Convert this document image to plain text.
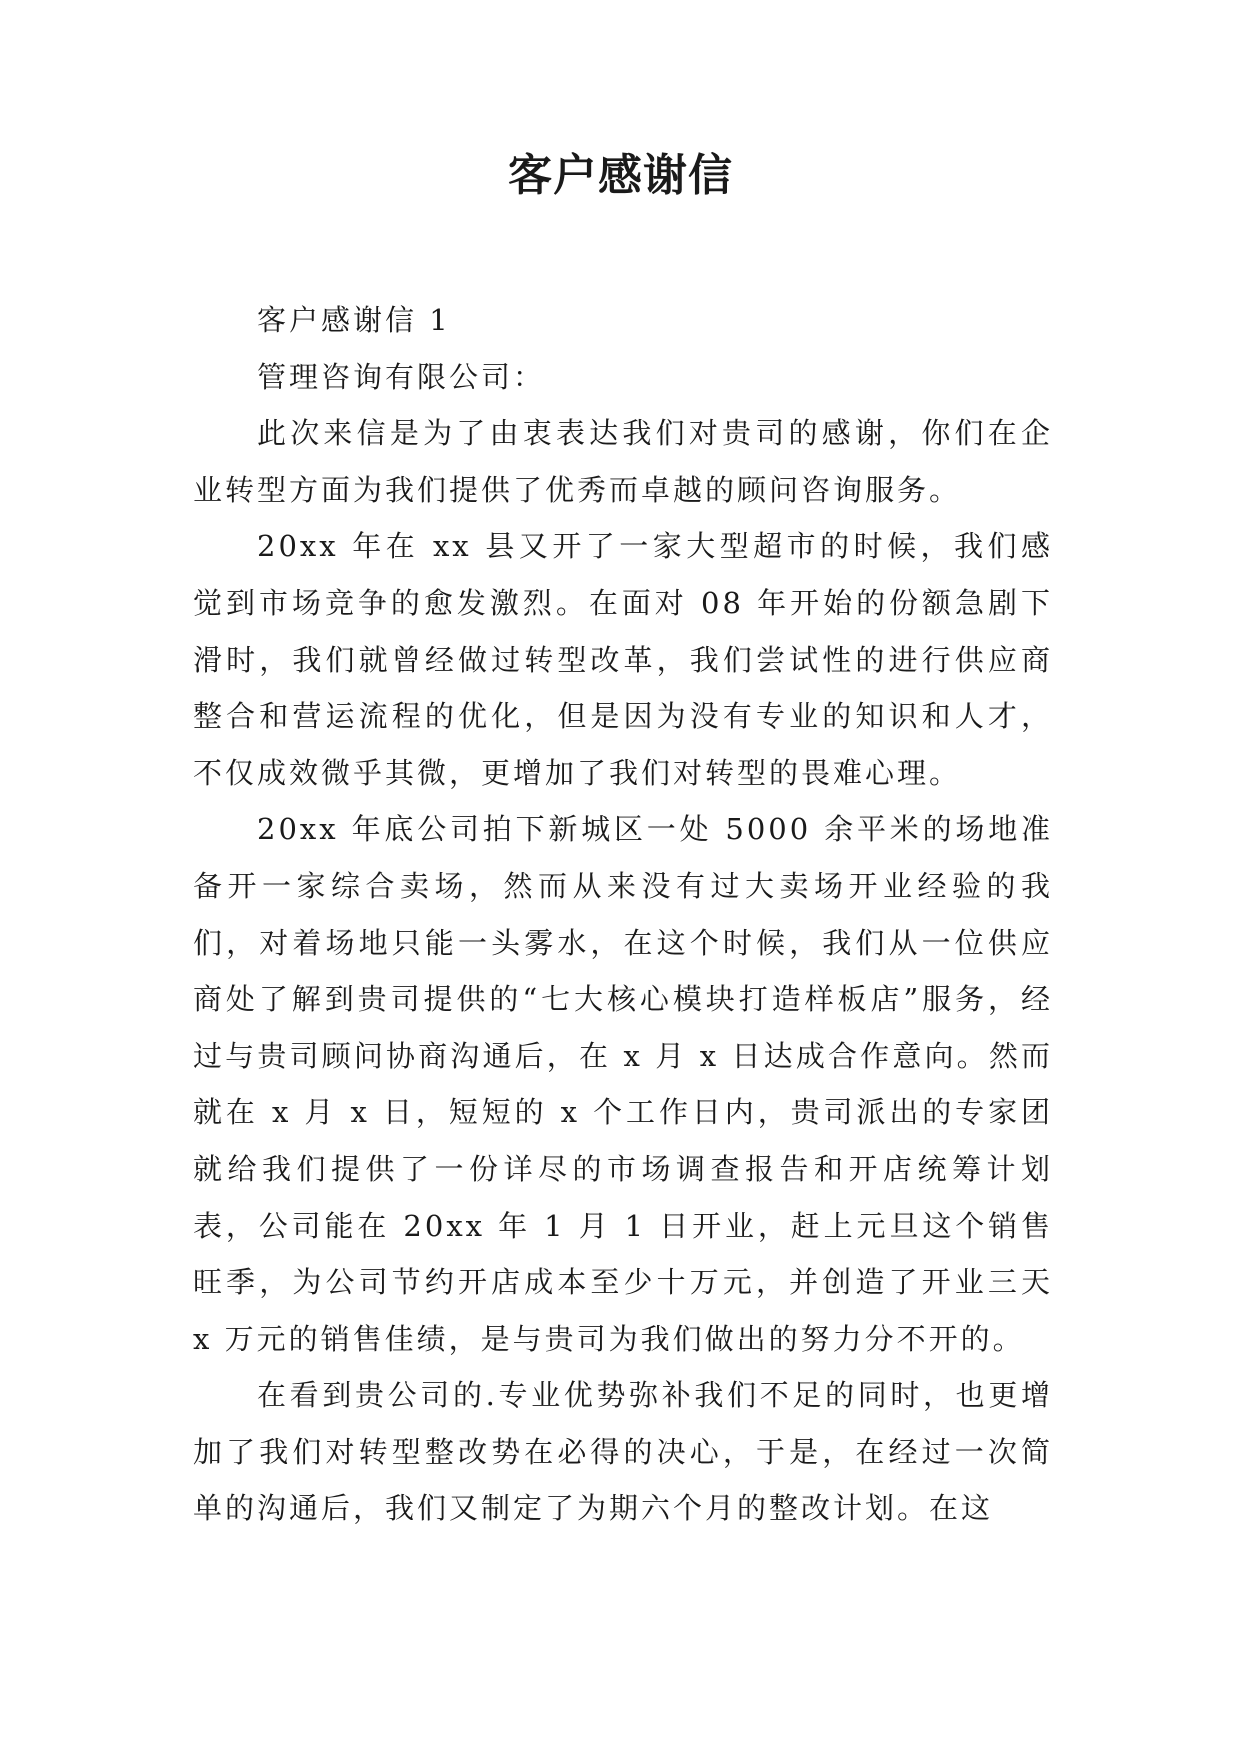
客户感谢信

客户感谢信 1

管理咨询有限公司：

此次来信是为了由衷表达我们对贵司的感谢，你们在企业转型方面为我们提供了优秀而卓越的顾问咨询服务。

20xx 年在 xx 县又开了一家大型超市的时候，我们感觉到市场竞争的愈发激烈。在面对 08 年开始的份额急剧下滑时，我们就曾经做过转型改革，我们尝试性的进行供应商整合和营运流程的优化，但是因为没有专业的知识和人才，不仅成效微乎其微，更增加了我们对转型的畏难心理。

20xx 年底公司拍下新城区一处 5000 余平米的场地准备开一家综合卖场，然而从来没有过大卖场开业经验的我们，对着场地只能一头雾水，在这个时候，我们从一位供应商处了解到贵司提供的“七大核心模块打造样板店”服务，经过与贵司顾问协商沟通后，在 x 月 x 日达成合作意向。然而就在 x 月 x 日，短短的 x 个工作日内，贵司派出的专家团就给我们提供了一份详尽的市场调查报告和开店统筹计划表，公司能在 20xx 年 1 月 1 日开业，赶上元旦这个销售旺季，为公司节约开店成本至少十万元，并创造了开业三天 x 万元的销售佳绩，是与贵司为我们做出的努力分不开的。

在看到贵公司的.专业优势弥补我们不足的同时，也更增加了我们对转型整改势在必得的决心，于是，在经过一次简单的沟通后，我们又制定了为期六个月的整改计划。在这
